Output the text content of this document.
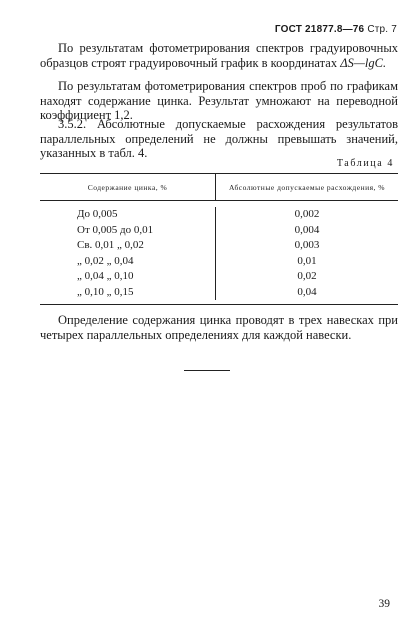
ГОСТ 21877.8—76 Стр. 7
По результатам фотометрирования спектров градуировочных образцов строят градуировочный график в координатах ΔS—lgC.
По результатам фотометрирования спектров проб по графикам находят содержание цинка. Результат умножают на переводной коэффициент 1,2.
3.5.2. Абсолютные допускаемые расхождения результатов параллельных определений не должны превышать значений, указанных в табл. 4.
Таблица 4
Содержание цинка, %	Абсолютные допускаемые расхождения, %
До 0,005
От 0,005 до 0,01
Св. 0,01 „ 0,02
„ 0,02 „ 0,04
„ 0,04 „ 0,10
„ 0,10 „ 0,15
0,002
0,004
0,003
0,01
0,02
0,04
Определение содержания цинка проводят в трех навесках при четырех параллельных определениях для каждой навески.
39
